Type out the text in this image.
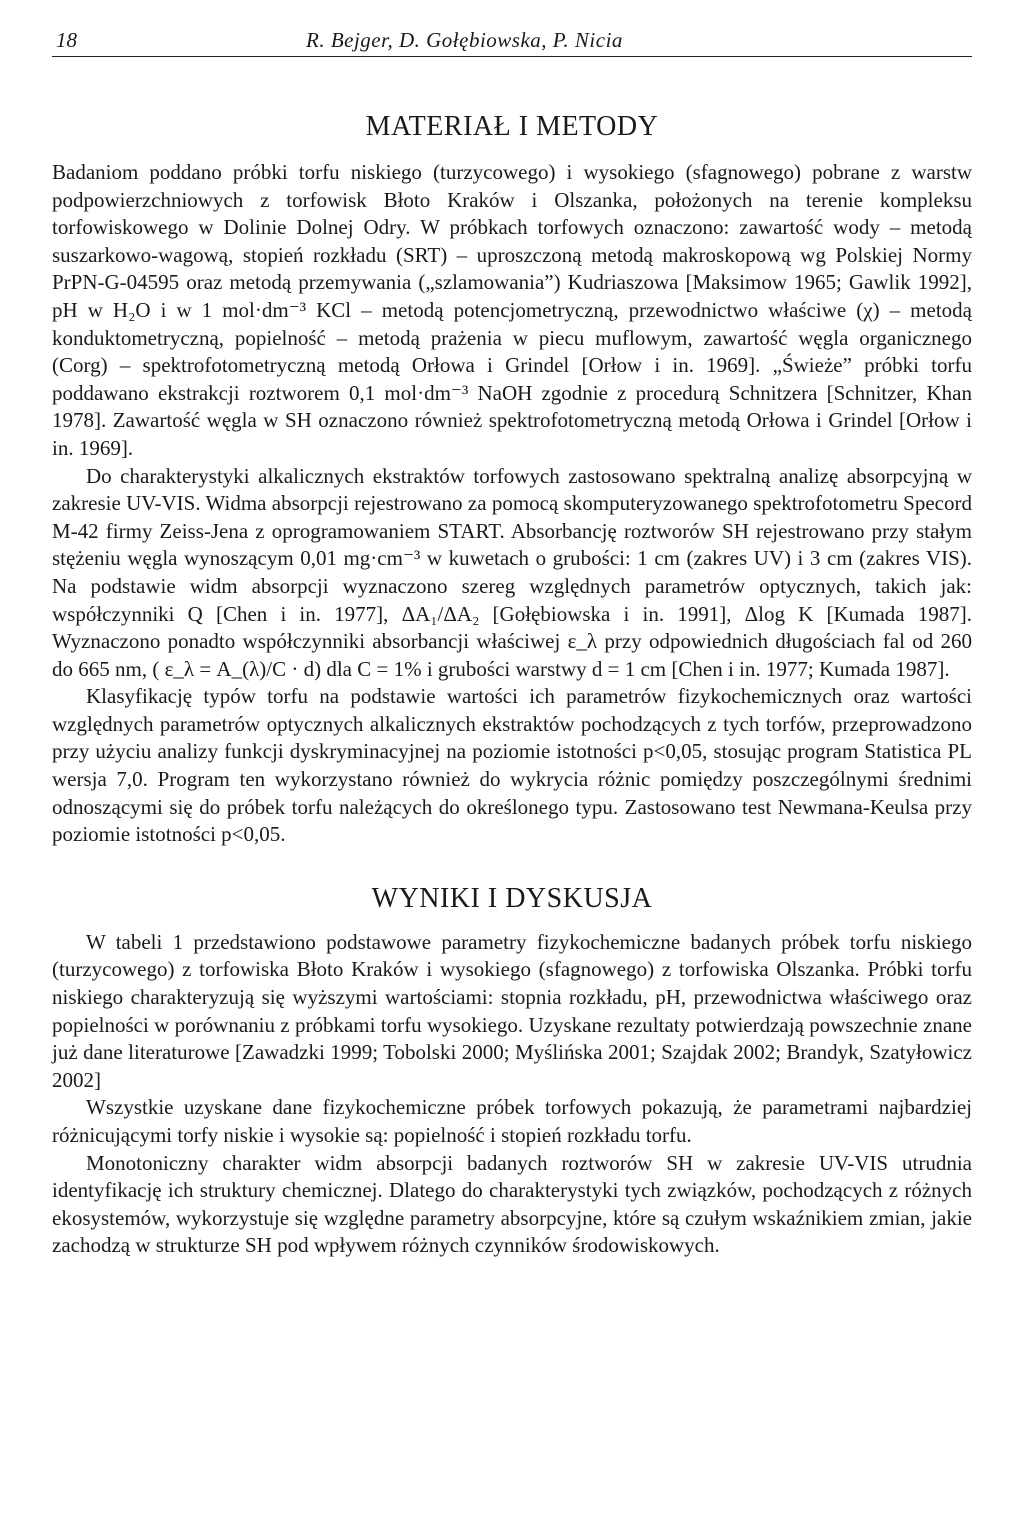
18	R. Bejger, D. Gołębiowska, P. Nicia
MATERIAŁ I METODY

Badaniom poddano próbki torfu niskiego (turzycowego) i wysokiego (sfagnowego) pobrane z warstw podpowierzchniowych z torfowisk Błoto Kraków i Olszanka, położonych na terenie kompleksu torfowiskowego w Dolinie Dolnej Odry. W próbkach torfowych oznaczono: zawartość wody – metodą suszarkowo-wagową, stopień rozkładu (SRT) – uproszczoną metodą makroskopową wg Polskiej Normy PrPN-G-04595 oraz metodą przemywania („szlamowania”) Kudriaszowa [Maksimow 1965; Gawlik 1992], pH w H₂O i w 1 mol·dm⁻³ KCl – metodą potencjometryczną, przewodnictwo właściwe (χ) – metodą konduktometryczną, popielność – metodą prażenia w piecu muflowym, zawartość węgla organicznego (Corg) – spektrofotometryczną metodą Orłowa i Grindel [Orłow i in. 1969]. „Świeże” próbki torfu poddawano ekstrakcji roztworem 0,1 mol·dm⁻³ NaOH zgodnie z procedurą Schnitzera [Schnitzer, Khan 1978]. Zawartość węgla w SH oznaczono również spektrofotometryczną metodą Orłowa i Grindel [Orłow i in. 1969].

Do charakterystyki alkalicznych ekstraktów torfowych zastosowano spektralną analizę absorpcyjną w zakresie UV-VIS. Widma absorpcji rejestrowano za pomocą skomputeryzowanego spektrofotometru Specord M-42 firmy Zeiss-Jena z oprogramowaniem START. Absorbancję roztworów SH rejestrowano przy stałym stężeniu węgla wynoszącym 0,01 mg·cm⁻³ w kuwetach o grubości: 1 cm (zakres UV) i 3 cm (zakres VIS). Na podstawie widm absorpcji wyznaczono szereg względnych parametrów optycznych, takich jak: współczynniki Q [Chen i in. 1977], ΔA₁/ΔA₂ [Gołębiowska i in. 1991], Δlog K [Kumada 1987]. Wyznaczono ponadto współczynniki absorbancji właściwej ε_λ przy odpowiednich długościach fal od 260 do 665 nm, ( ε_λ = A_(λ)/C · d) dla C = 1% i grubości warstwy d = 1 cm [Chen i in. 1977; Kumada 1987].

Klasyfikację typów torfu na podstawie wartości ich parametrów fizykochemicznych oraz wartości względnych parametrów optycznych alkalicznych ekstraktów pochodzących z tych torfów, przeprowadzono przy użyciu analizy funkcji dyskryminacyjnej na poziomie istotności p<0,05, stosując program Statistica PL wersja 7,0. Program ten wykorzystano również do wykrycia różnic pomiędzy poszczególnymi średnimi odnoszącymi się do próbek torfu należących do określonego typu. Zastosowano test Newmana-Keulsa przy poziomie istotności p<0,05.

WYNIKI I DYSKUSJA

W tabeli 1 przedstawiono podstawowe parametry fizykochemiczne badanych próbek torfu niskiego (turzycowego) z torfowiska Błoto Kraków i wysokiego (sfagnowego) z torfowiska Olszanka. Próbki torfu niskiego charakteryzują się wyższymi wartościami: stopnia rozkładu, pH, przewodnictwa właściwego oraz popielności w porównaniu z próbkami torfu wysokiego. Uzyskane rezultaty potwierdzają powszechnie znane już dane literaturowe [Zawadzki 1999; Tobolski 2000; Myślińska 2001; Szajdak 2002; Brandyk, Szatyłowicz 2002]

Wszystkie uzyskane dane fizykochemiczne próbek torfowych pokazują, że parametrami najbardziej różnicującymi torfy niskie i wysokie są: popielność i stopień rozkładu torfu.

Monotoniczny charakter widm absorpcji badanych roztworów SH w zakresie UV-VIS utrudnia identyfikację ich struktury chemicznej. Dlatego do charakterystyki tych związków, pochodzących z różnych ekosystemów, wykorzystuje się względne parametry absorpcyjne, które są czułym wskaźnikiem zmian, jakie zachodzą w strukturze SH pod wpływem różnych czynników środowiskowych.
